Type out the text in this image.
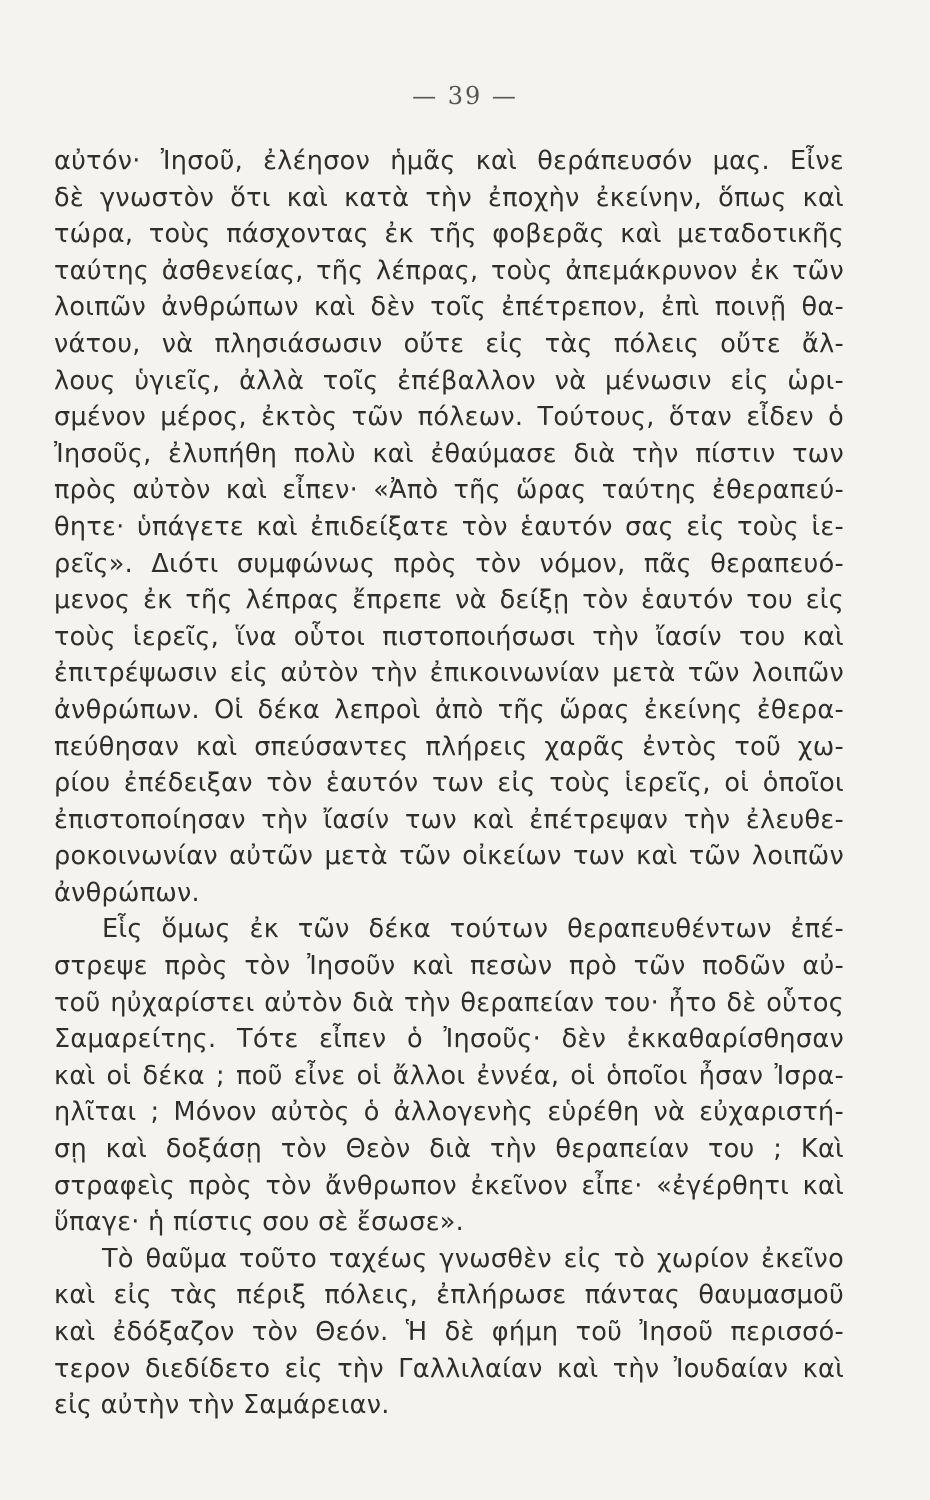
— 39 —
αὐτόν· Ἰησοῦ, ἐλέησον ἡμᾶς καὶ θεράπευσόν μας. Εἶνε
δὲ γνωστὸν ὅτι καὶ κατὰ τὴν ἐποχὴν ἐκείνην, ὅπως καὶ
τώρα, τοὺς πάσχοντας ἐκ τῆς φοβερᾶς καὶ μεταδοτικῆς
ταύτης ἀσθενείας, τῆς λέπρας, τοὺς ἀπεμάκρυνον ἐκ τῶν
λοιπῶν ἀνθρώπων καὶ δὲν τοῖς ἐπέτρεπον, ἐπὶ ποινῇ θα-
νάτου, νὰ πλησιάσωσιν οὔτε εἰς τὰς πόλεις οὔτε ἄλ-
λους ὑγιεῖς, ἀλλὰ τοῖς ἐπέβαλλον νὰ μένωσιν εἰς ὡρι-
σμένον μέρος, ἐκτὸς τῶν πόλεων. Τούτους, ὅταν εἶδεν ὁ
Ἰησοῦς, ἐλυπήθη πολὺ καὶ ἐθαύμασε διὰ τὴν πίστιν των
πρὸς αὐτὸν καὶ εἶπεν· «Ἀπὸ τῆς ὥρας ταύτης ἐθεραπεύ-
θητε· ὑπάγετε καὶ ἐπιδείξατε τὸν ἑαυτόν σας εἰς τοὺς ἱε-
ρεῖς». Διότι συμφώνως πρὸς τὸν νόμον, πᾶς θεραπευό-
μενος ἐκ τῆς λέπρας ἔπρεπε νὰ δείξῃ τὸν ἑαυτόν του εἰς
τοὺς ἱερεῖς, ἵνα οὗτοι πιστοποιήσωσι τὴν ἴασίν του καὶ
ἐπιτρέψωσιν εἰς αὐτὸν τὴν ἐπικοινωνίαν μετὰ τῶν λοιπῶν
ἀνθρώπων. Οἱ δέκα λεπροὶ ἀπὸ τῆς ὥρας ἐκείνης ἐθερα-
πεύθησαν καὶ σπεύσαντες πλήρεις χαρᾶς ἐντὸς τοῦ χω-
ρίου ἐπέδειξαν τὸν ἑαυτόν των εἰς τοὺς ἱερεῖς, οἱ ὁποῖοι
ἐπιστοποίησαν τὴν ἴασίν των καὶ ἐπέτρεψαν τὴν ἐλευθε-
ροκοινωνίαν αὐτῶν μετὰ τῶν οἰκείων των καὶ τῶν λοιπῶν
ἀνθρώπων.
Εἷς ὅμως ἐκ τῶν δέκα τούτων θεραπευθέντων ἐπέ-
στρεψε πρὸς τὸν Ἰησοῦν καὶ πεσὼν πρὸ τῶν ποδῶν αὐ-
τοῦ ηὐχαρίστει αὐτὸν διὰ τὴν θεραπείαν του· ἦτο δὲ οὗτος
Σαμαρείτης. Τότε εἶπεν ὁ Ἰησοῦς· δὲν ἐκκαθαρίσθησαν
καὶ οἱ δέκα ; ποῦ εἶνε οἱ ἄλλοι ἐννέα, οἱ ὁποῖοι ἦσαν Ἰσρα-
ηλῖται ; Μόνον αὐτὸς ὁ ἀλλογενὴς εὑρέθη νὰ εὐχαριστή-
σῃ καὶ δοξάσῃ τὸν Θεὸν διὰ τὴν θεραπείαν του ; Καὶ
στραφεὶς πρὸς τὸν ἄνθρωπον ἐκεῖνον εἶπε· «ἐγέρθητι καὶ
ὕπαγε· ἡ πίστις σου σὲ ἔσωσε».
Τὸ θαῦμα τοῦτο ταχέως γνωσθὲν εἰς τὸ χωρίον ἐκεῖνο
καὶ εἰς τὰς πέριξ πόλεις, ἐπλήρωσε πάντας θαυμασμοῦ
καὶ ἐδόξαζον τὸν Θεόν. Ἡ δὲ φήμη τοῦ Ἰησοῦ περισσό-
τερον διεδίδετο εἰς τὴν Γαλλιλαίαν καὶ τὴν Ἰουδαίαν καὶ
εἰς αὐτὴν τὴν Σαμάρειαν.
